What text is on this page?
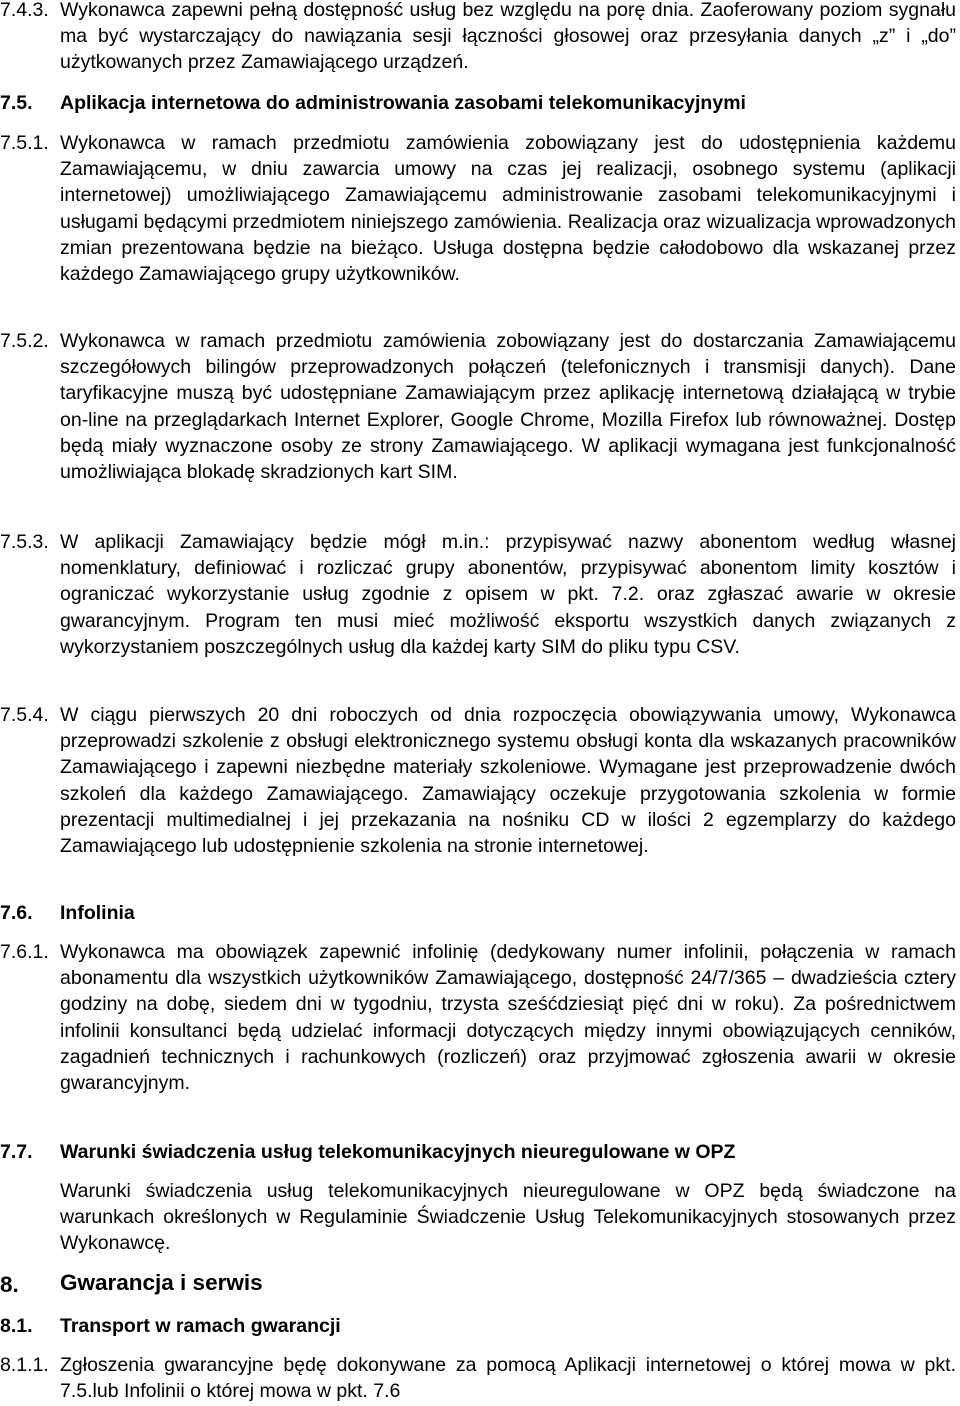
7.4.3. Wykonawca zapewni pełną dostępność usług bez względu na porę dnia. Zaoferowany poziom sygnału ma być wystarczający do nawiązania sesji łączności głosowej oraz przesyłania danych „z” i „do” użytkowanych przez Zamawiającego urządzeń.
7.5. Aplikacja internetowa do administrowania zasobami telekomunikacyjnymi
7.5.1. Wykonawca w ramach przedmiotu zamówienia zobowiązany jest do udostępnienia każdemu Zamawiającemu, w dniu zawarcia umowy na czas jej realizacji, osobnego systemu (aplikacji internetowej) umożliwiającego Zamawiającemu administrowanie zasobami telekomunikacyjnymi i usługami będącymi przedmiotem niniejszego zamówienia. Realizacja oraz wizualizacja wprowadzonych zmian prezentowana będzie na bieżąco. Usługa dostępna będzie całodobowo dla wskazanej przez każdego Zamawiającego grupy użytkowników.
7.5.2. Wykonawca w ramach przedmiotu zamówienia zobowiązany jest do dostarczania Zamawiającemu szczegółowych bilingów przeprowadzonych połączeń (telefonicznych i transmisji danych). Dane taryfikacyjne muszą być udostępniane Zamawiającym przez aplikację internetową działającą w trybie on-line na przeglądarkach Internet Explorer, Google Chrome, Mozilla Firefox lub równoważnej. Dostęp będą miały wyznaczone osoby ze strony Zamawiającego. W aplikacji wymagana jest funkcjonalność umożliwiająca blokadę skradzionych kart SIM.
7.5.3. W aplikacji Zamawiający będzie mógł m.in.: przypisywać nazwy abonentom według własnej nomenklatury, definiować i rozliczać grupy abonentów, przypisywać abonentom limity kosztów i ograniczać wykorzystanie usług zgodnie z opisem w pkt. 7.2. oraz zgłaszać awarie w okresie gwarancyjnym. Program ten musi mieć możliwość eksportu wszystkich danych związanych z wykorzystaniem poszczególnych usług dla każdej karty SIM do pliku typu CSV.
7.5.4. W ciągu pierwszych 20 dni roboczych od dnia rozpoczęcia obowiązywania umowy, Wykonawca przeprowadzi szkolenie z obsługi elektronicznego systemu obsługi konta dla wskazanych pracowników Zamawiającego i zapewni niezbędne materiały szkoleniowe. Wymagane jest przeprowadzenie dwóch szkoleń dla każdego Zamawiającego. Zamawiający oczekuje przygotowania szkolenia w formie prezentacji multimedialnej i jej przekazania na nośniku CD w ilości 2 egzemplarzy do każdego Zamawiającego lub udostępnienie szkolenia na stronie internetowej.
7.6. Infolinia
7.6.1. Wykonawca ma obowiązek zapewnić infolinię (dedykowany numer infolinii, połączenia w ramach abonamentu dla wszystkich użytkowników Zamawiającego, dostępność 24/7/365 – dwadzieścia cztery godziny na dobę, siedem dni w tygodniu, trzysta sześćdziesiąt pięć dni w roku). Za pośrednictwem infolinii konsultanci będą udzielać informacji dotyczących między innymi obowiązujących cenników, zagadnień technicznych i rachunkowych (rozliczeń) oraz przyjmować zgłoszenia awarii w okresie gwarancyjnym.
7.7. Warunki świadczenia usług telekomunikacyjnych nieuregulowane w OPZ
Warunki świadczenia usług telekomunikacyjnych nieuregulowane w OPZ będą świadczone na warunkach określonych w Regulaminie Świadczenie Usług Telekomunikacyjnych stosowanych przez Wykonawcę.
8. Gwarancja i serwis
8.1. Transport w ramach gwarancji
8.1.1. Zgłoszenia gwarancyjne będę dokonywane za pomocą Aplikacji internetowej o której mowa w pkt. 7.5.lub Infolinii o której mowa w pkt. 7.6
